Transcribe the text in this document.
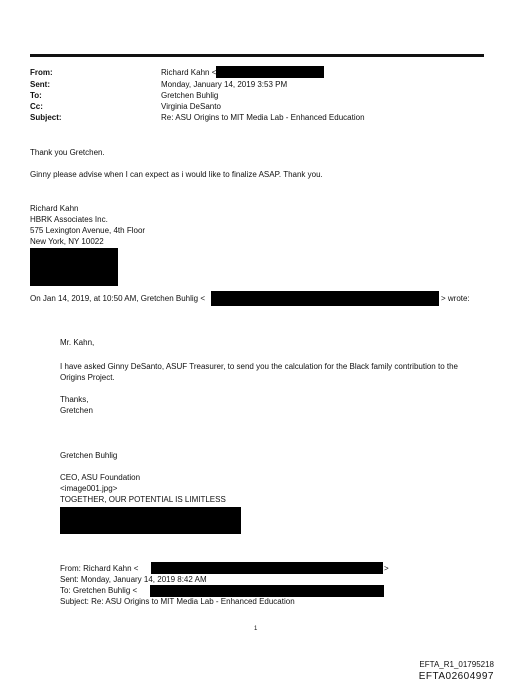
From:	Richard Kahn <
Sent:	Monday, January 14, 2019 3:53 PM
To:	Gretchen Buhlig
Cc:	Virginia DeSanto
Subject:	Re: ASU Origins to MIT Media Lab - Enhanced Education
Thank you Gretchen.
Ginny please advise when I can expect as i would like to finalize ASAP. Thank you.
Richard Kahn
HBRK Associates Inc.
575 Lexington Avenue, 4th Floor
New York, NY 10022
On Jan 14, 2019, at 10:50 AM, Gretchen Buhlig <	> wrote:
Mr. Kahn,
I have asked Ginny DeSanto, ASUF Treasurer, to send you the calculation for the Black family contribution to the
Origins Project.
Thanks,
Gretchen
Gretchen Buhlig
CEO, ASU Foundation
<image001.jpg>
TOGETHER, OUR POTENTIAL IS LIMITLESS
From: Richard Kahn <	>
Sent: Monday, January 14, 2019 8:42 AM
To: Gretchen Buhlig <
Subject: Re: ASU Origins to MIT Media Lab - Enhanced Education
1
EFTA_R1_01795218
EFTA02604997
